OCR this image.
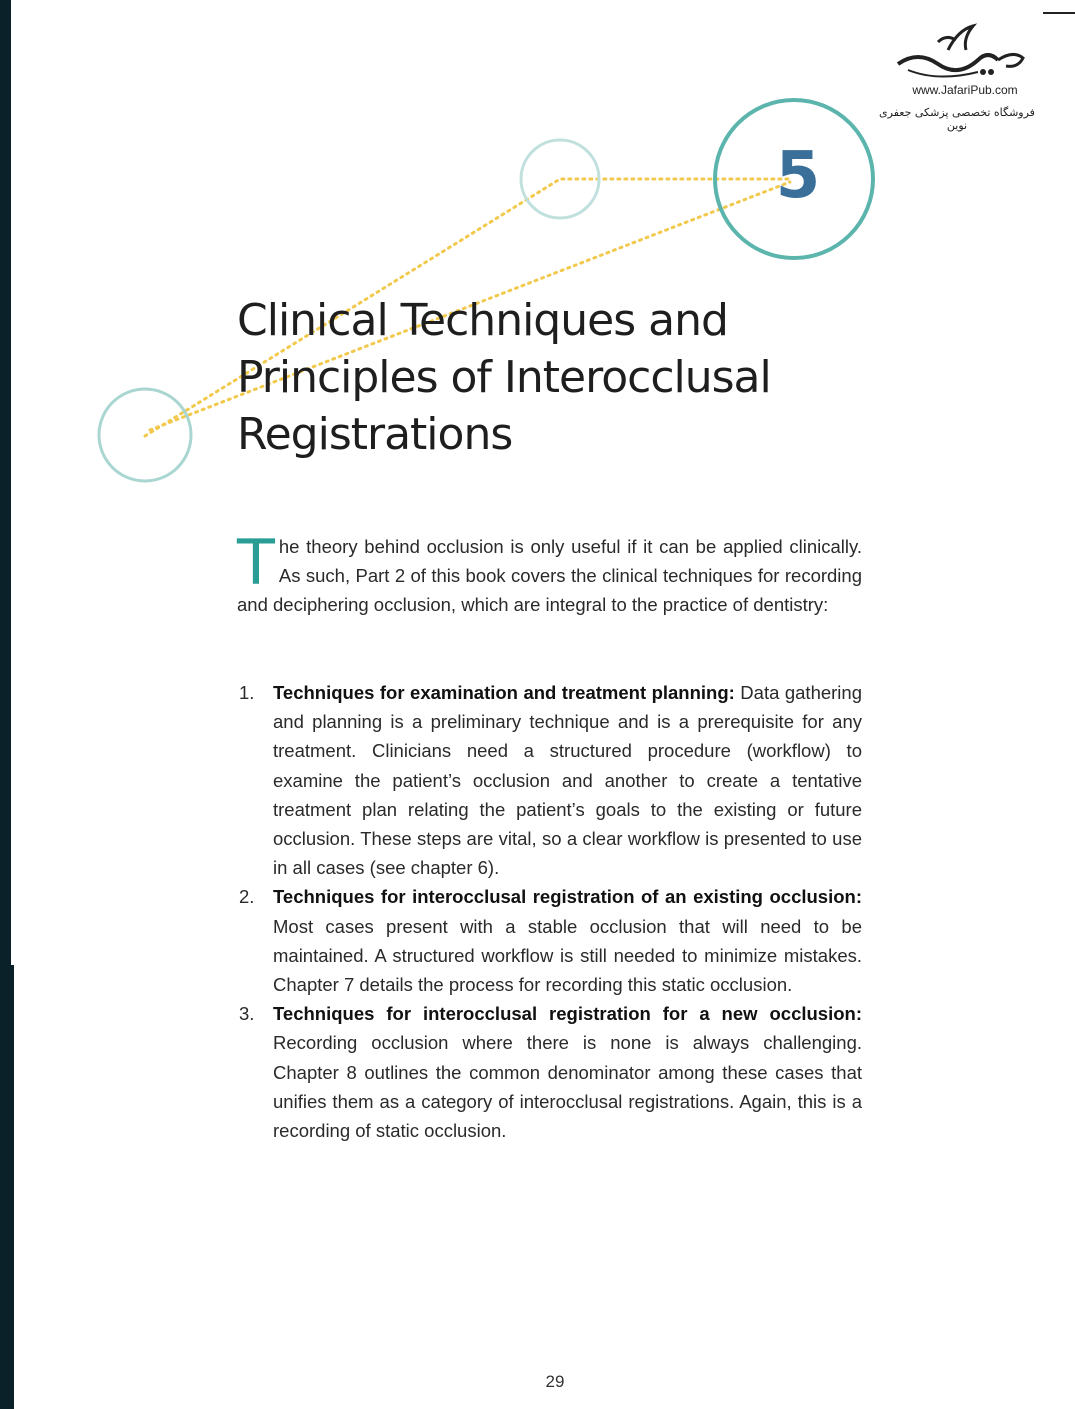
www.JafariPub.com
فروشگاه تخصصی پزشکی جعفری نوین
5
Clinical Techniques and
Principles of Interocclusal
Registrations

The theory behind occlusion is only useful if it can be applied clinically. As such, Part 2 of this book covers the clinical techniques for recording and deciphering occlusion, which are integral to the practice of dentistry:

1. Techniques for examination and treatment planning: Data gathering and planning is a preliminary technique and is a prerequisite for any treatment. Clinicians need a structured procedure (workflow) to examine the patient’s occlusion and another to create a tentative treatment plan relating the patient’s goals to the existing or future occlusion. These steps are vital, so a clear workflow is presented to use in all cases (see chapter 6).
2. Techniques for interocclusal registration of an existing occlusion: Most cases present with a stable occlusion that will need to be maintained. A structured workflow is still needed to minimize mistakes. Chapter 7 details the process for recording this static occlusion.
3. Techniques for interocclusal registration for a new occlusion: Recording occlusion where there is none is always challenging. Chapter 8 outlines the common denominator among these cases that unifies them as a category of interocclusal registrations. Again, this is a recording of static occlusion.
29
